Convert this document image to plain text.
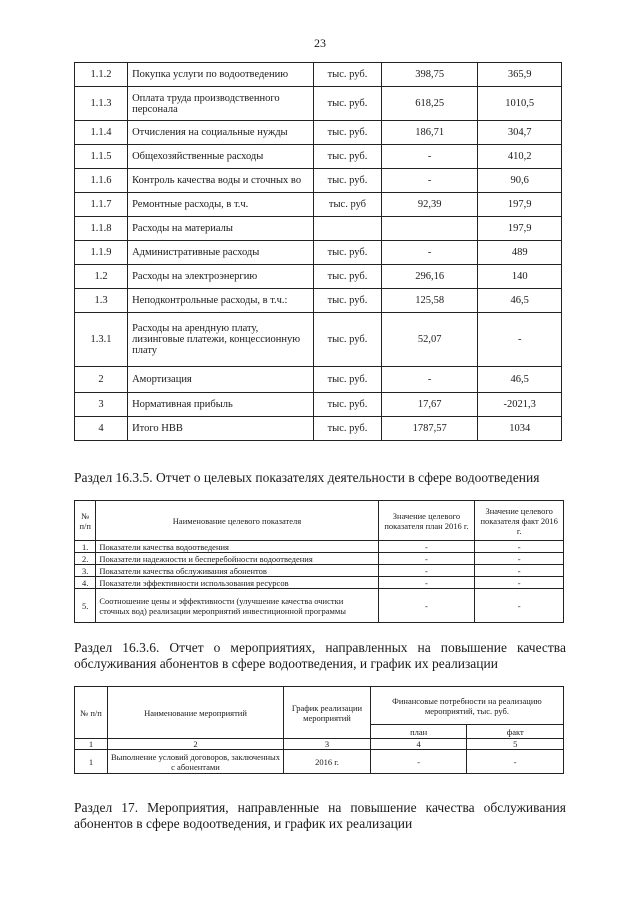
23
1.1.2	Покупка услуги по водоотведению	тыс. руб.	398,75	365,9
1.1.3	Оплата труда производственного персонала	тыс. руб.	618,25	1010,5
1.1.4	Отчисления на социальные нужды	тыс. руб.	186,71	304,7
1.1.5	Общехозяйственные расходы	тыс. руб.	-	410,2
1.1.6	Контроль качества воды и сточных во	тыс. руб.	-	90,6
1.1.7	Ремонтные расходы, в т.ч.	тыс. руб	92,39	197,9
1.1.8	Расходы на материалы			197,9
1.1.9	Административные расходы	тыс. руб.	-	489
1.2	Расходы на электроэнергию	тыс. руб.	296,16	140
1.3	Неподконтрольные расходы, в т.ч.:	тыс. руб.	125,58	46,5
1.3.1	Расходы на арендную плату, лизинговые платежи, концессионную плату	тыс. руб.	52,07	-
2	Амортизация	тыс. руб.	-	46,5
3	Нормативная прибыль	тыс. руб.	17,67	-2021,3
4	Итого НВВ	тыс. руб.	1787,57	1034
Раздел 16.3.5. Отчет о целевых показателях деятельности в сфере водоотведения
№ п/п	Наименование целевого показателя	Значение целевого показателя план 2016 г.	Значение целевого показателя факт 2016 г.
1.	Показатели качества водоотведения	-	-
2.	Показатели надежности и бесперебойности водоотведения	-	-
3.	Показатели качества обслуживания абонентов	-	-
4.	Показатели эффективности использования ресурсов	-	-
5.	Соотношение цены и эффективности (улучшение качества очистки сточных вод) реализации мероприятий инвестиционной программы	-	-
Раздел 16.3.6. Отчет о мероприятиях, направленных на повышение качества обслуживания абонентов в сфере водоотведения, и график их реализации
№ п/п	Наименование мероприятий	График реализации мероприятий	Финансовые потребности на реализацию мероприятий, тыс. руб.	
			план	факт
1	2	3	4	5
1	Выполнение условий договоров, заключенных с абонентами	2016 г.	-	-
Раздел 17. Мероприятия, направленные на повышение качества обслуживания абонентов в сфере водоотведения, и график их реализации
